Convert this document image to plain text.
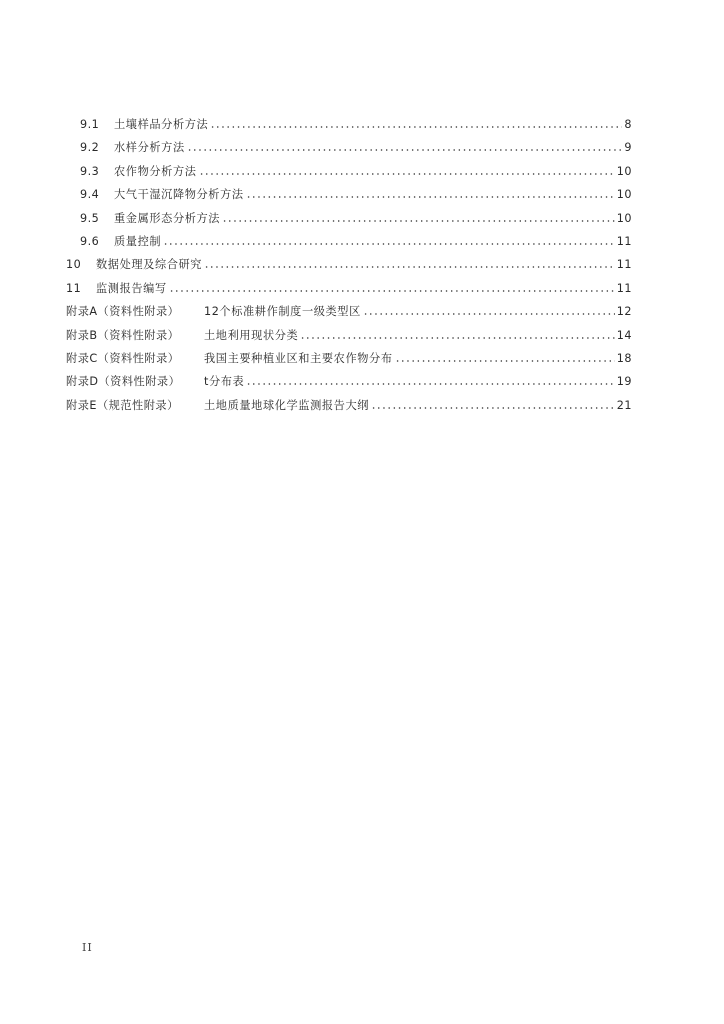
9.1	土壤样品分析方法	8
9.2	水样分析方法	9
9.3	农作物分析方法	10
9.4	大气干湿沉降物分析方法	10
9.5	重金属形态分析方法	10
9.6	质量控制	11
10	数据处理及综合研究	11
11	监测报告编写	11
附录A（资料性附录）	12个标准耕作制度一级类型区	12
附录B（资料性附录）	土地利用现状分类	14
附录C（资料性附录）	我国主要种植业区和主要农作物分布	18
附录D（资料性附录）	t分布表	19
附录E（规范性附录）	土地质量地球化学监测报告大纲	21
II
